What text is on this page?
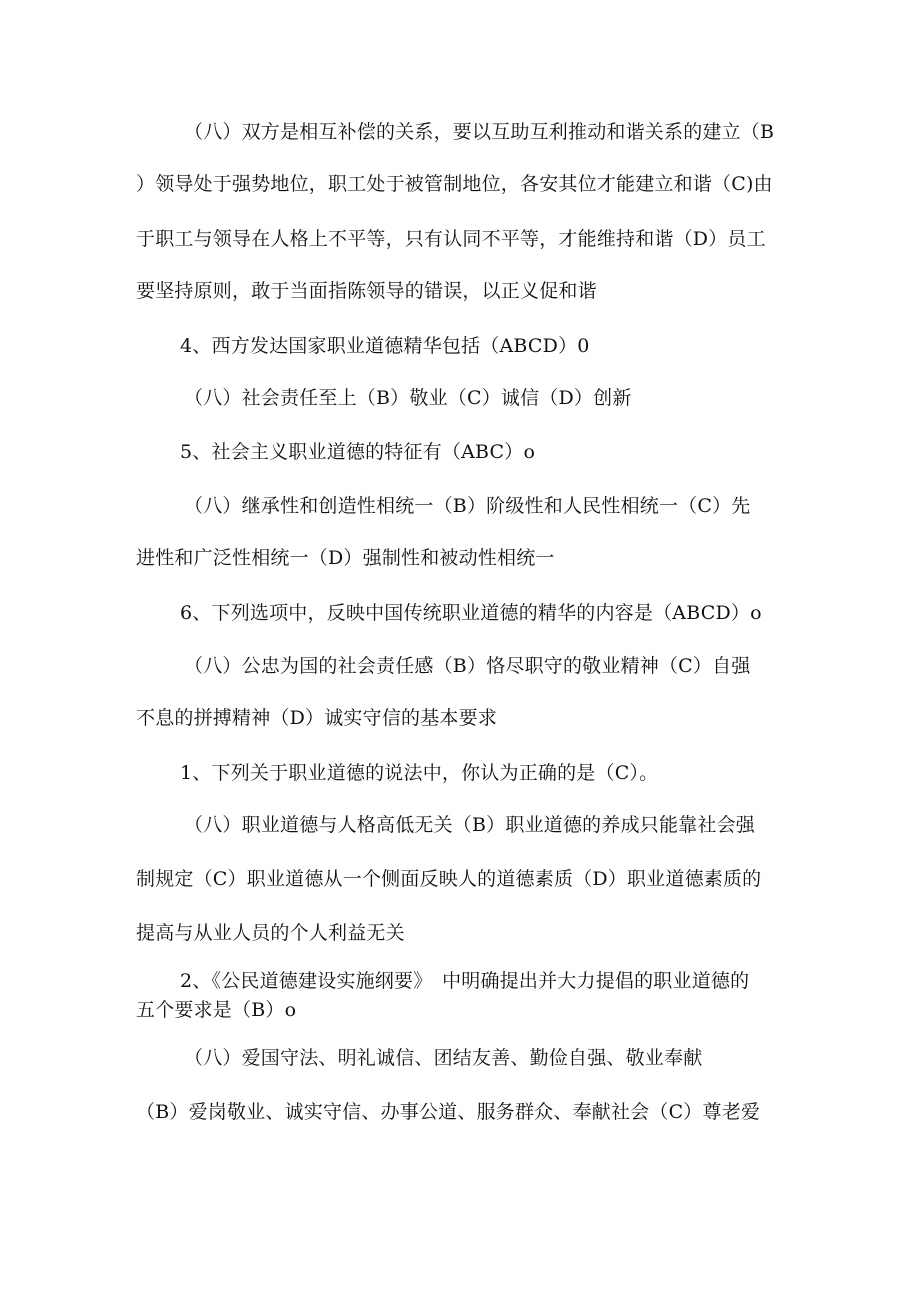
（八）双方是相互补偿的关系，要以互助互利推动和谐关系的建立（B
）领导处于强势地位，职工处于被管制地位，各安其位才能建立和谐（C)由
于职工与领导在人格上不平等，只有认同不平等，才能维持和谐（D）员工
要坚持原则，敢于当面指陈领导的错误，以正义促和谐
4、西方发达国家职业道德精华包括（ABCD）0
（八）社会责任至上（B）敬业（C）诚信（D）创新
5、社会主义职业道德的特征有（ABC）o
（八）继承性和创造性相统一（B）阶级性和人民性相统一（C）先
进性和广泛性相统一（D）强制性和被动性相统一
6、下列选项中，反映中国传统职业道德的精华的内容是（ABCD）o
（八）公忠为国的社会责任感（B）恪尽职守的敬业精神（C）自强
不息的拼搏精神（D）诚实守信的基本要求
1、下列关于职业道德的说法中，你认为正确的是（C）。
（八）职业道德与人格高低无关（B）职业道德的养成只能靠社会强
制规定（C）职业道德从一个侧面反映人的道德素质（D）职业道德素质的
提高与从业人员的个人利益无关
2、《公民道德建设实施纲要》　中明确提出并大力提倡的职业道德的
五个要求是（B）o
（八）爱国守法、明礼诚信、团结友善、勤俭自强、敬业奉献
（B）爱岗敬业、诚实守信、办事公道、服务群众、奉献社会（C）尊老爱
